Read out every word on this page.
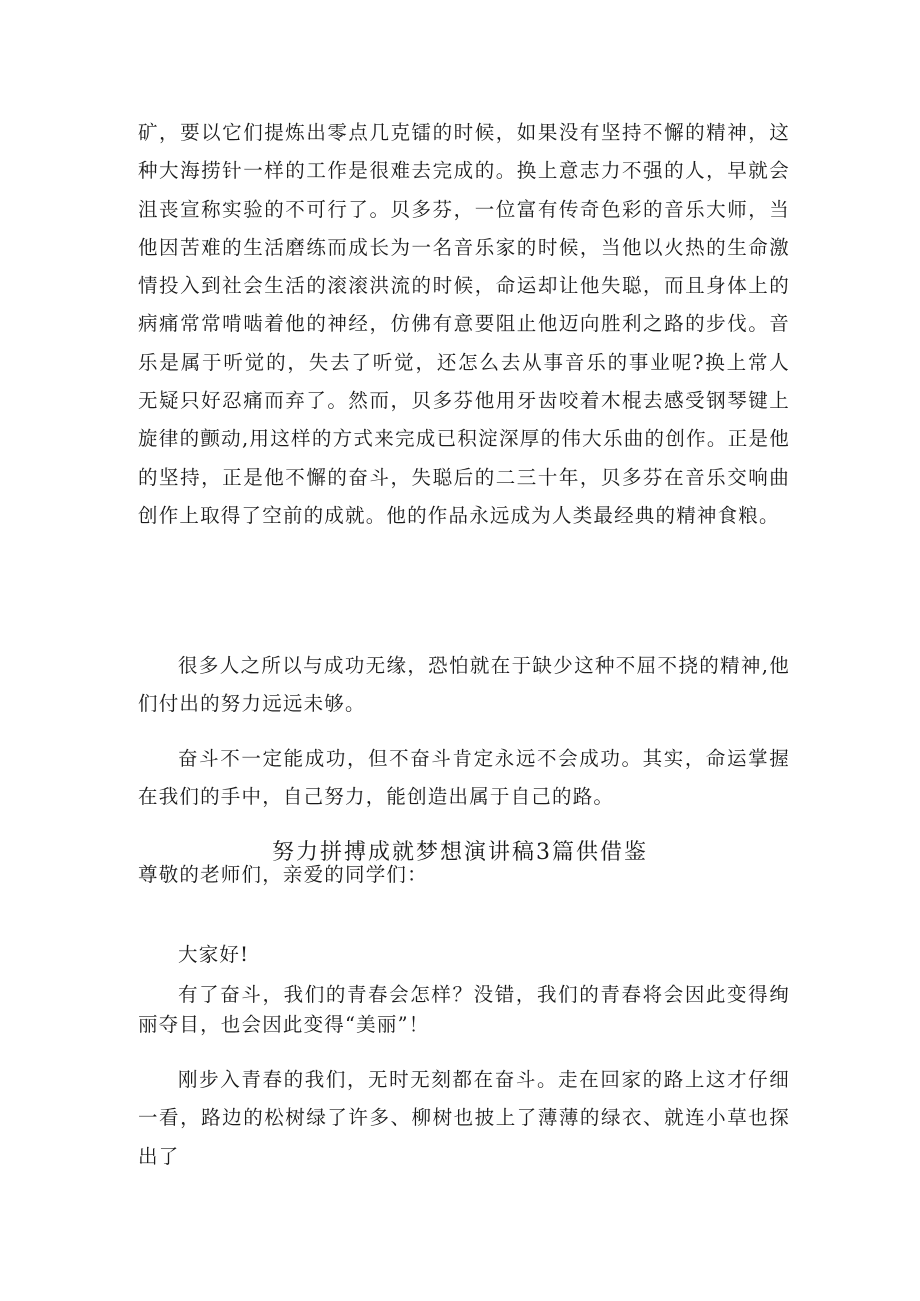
矿，要以它们提炼出零点几克镭的时候，如果没有坚持不懈的精神，这种大海捞针一样的工作是很难去完成的。换上意志力不强的人，早就会沮丧宣称实验的不可行了。贝多芬，一位富有传奇色彩的音乐大师，当他因苦难的生活磨练而成长为一名音乐家的时候，当他以火热的生命激情投入到社会生活的滚滚洪流的时候，命运却让他失聪，而且身体上的病痛常常啃啮着他的神经，仿佛有意要阻止他迈向胜利之路的步伐。音乐是属于听觉的，失去了听觉，还怎么去从事音乐的事业呢?换上常人无疑只好忍痛而弃了。然而，贝多芬他用牙齿咬着木棍去感受钢琴键上旋律的颤动,用这样的方式来完成已积淀深厚的伟大乐曲的创作。正是他的坚持，正是他不懈的奋斗，失聪后的二三十年，贝多芬在音乐交响曲创作上取得了空前的成就。他的作品永远成为人类最经典的精神食粮。

很多人之所以与成功无缘，恐怕就在于缺少这种不屈不挠的精神,他们付出的努力远远未够。

奋斗不一定能成功，但不奋斗肯定永远不会成功。其实，命运掌握在我们的手中，自己努力，能创造出属于自己的路。

努力拼搏成就梦想演讲稿3篇供借鉴

尊敬的老师们，亲爱的同学们：

大家好!

有了奋斗，我们的青春会怎样？没错，我们的青春将会因此变得绚丽夺目，也会因此变得“美丽”！

刚步入青春的我们，无时无刻都在奋斗。走在回家的路上这才仔细一看，路边的松树绿了许多、柳树也披上了薄薄的绿衣、就连小草也探出了
